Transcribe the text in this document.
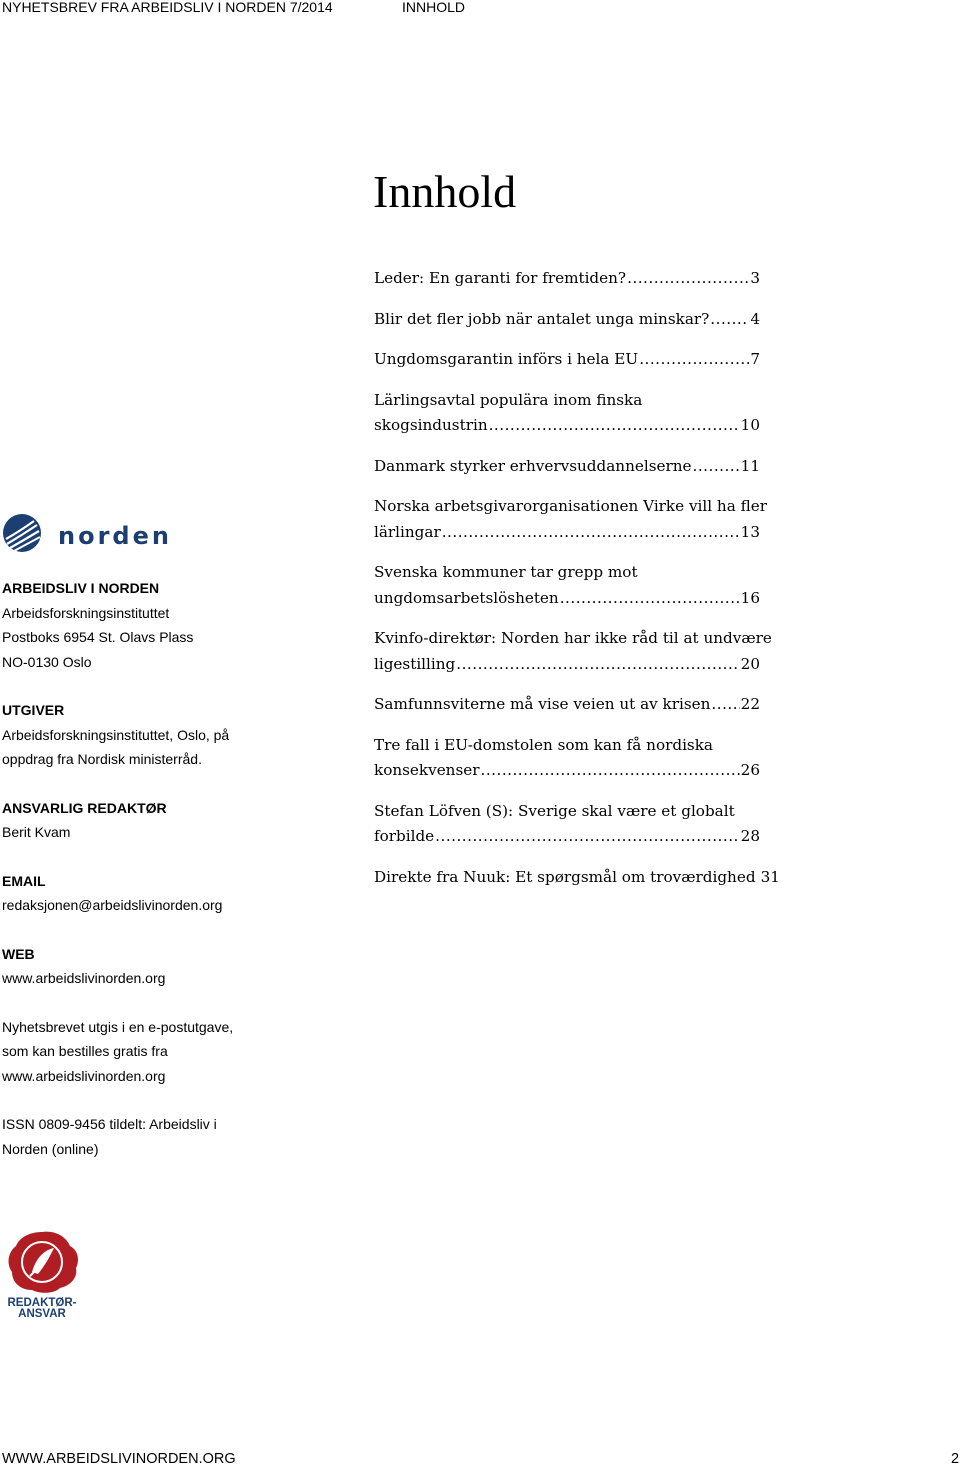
NYHETSBREV FRA ARBEIDSLIV I NORDEN 7/2014	INNHOLD
Innhold
Leder: En garanti for fremtiden? .....	3
Blir det fler jobb när antalet unga minskar? .....	4
Ungdomsgarantin införs i hela EU .....	7
Lärlingsavtal populära inom finska
skogsindustrin .....	10
Danmark styrker erhvervsuddannelserne .....	11
Norska arbetsgivarorganisationen Virke vill ha fler
lärlingar .....	13
Svenska kommuner tar grepp mot
ungdomsarbetslösheten .....	16
Kvinfo-direktør: Norden har ikke råd til at undvære
ligestilling .....	20
Samfunnsviterne må vise veien ut av krisen ..... 22
Tre fall i EU-domstolen som kan få nordiska
konsekvenser .....	26
Stefan Löfven (S): Sverige skal være et globalt
forbilde .....	28
Direkte fra Nuuk: Et spørgsmål om troværdighed 31
norden
ARBEIDSLIV I NORDEN
Arbeidsforskningsinstituttet
Postboks 6954 St. Olavs Plass
NO-0130 Oslo
UTGIVER
Arbeidsforskningsinstituttet, Oslo, på
oppdrag fra Nordisk ministerråd.
ANSVARLIG REDAKTØR
Berit Kvam
EMAIL
redaksjonen@arbeidslivinorden.org
WEB
www.arbeidslivinorden.org
Nyhetsbrevet utgis i en e-postutgave,
som kan bestilles gratis fra
www.arbeidslivinorden.org
ISSN 0809-9456 tildelt: Arbeidsliv i
Norden (online)
REDAKTØR-
ANSVAR
WWW.ARBEIDSLIVINORDEN.ORG	2
